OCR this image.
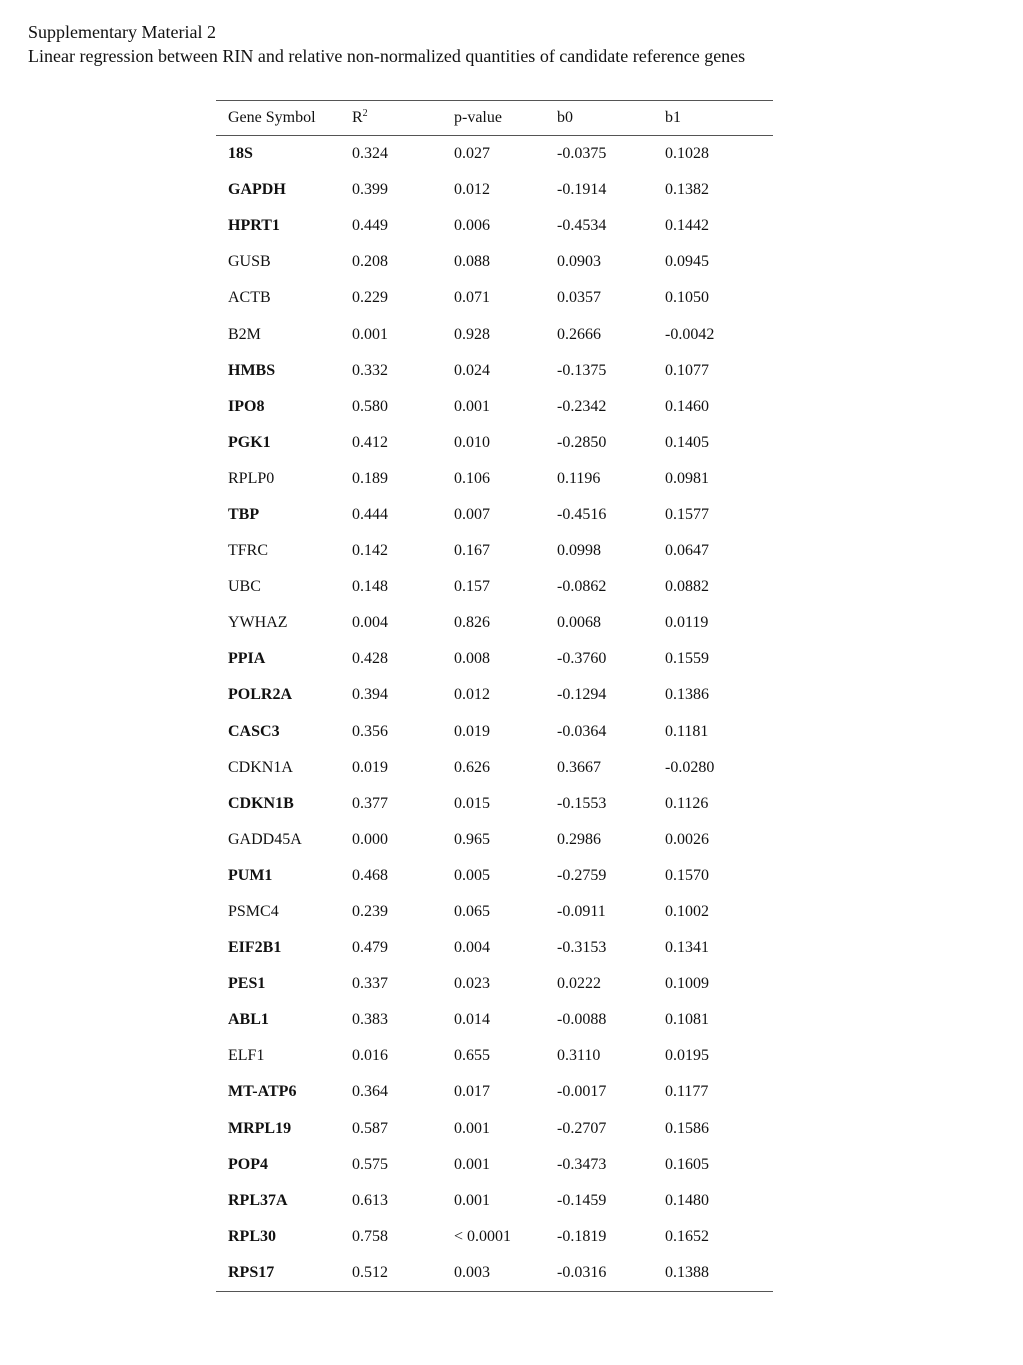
Supplementary Material 2
Linear regression between RIN and relative non-normalized quantities of candidate reference genes
Gene Symbol	$R^2$	p-value	b0	b1
18S	0.324	0.027	-0.0375	0.1028
GAPDH	0.399	0.012	-0.1914	0.1382
HPRT1	0.449	0.006	-0.4534	0.1442
GUSB	0.208	0.088	0.0903	0.0945
ACTB	0.229	0.071	0.0357	0.1050
B2M	0.001	0.928	0.2666	-0.0042
HMBS	0.332	0.024	-0.1375	0.1077
IPO8	0.580	0.001	-0.2342	0.1460
PGK1	0.412	0.010	-0.2850	0.1405
RPLP0	0.189	0.106	0.1196	0.0981
TBP	0.444	0.007	-0.4516	0.1577
TFRC	0.142	0.167	0.0998	0.0647
UBC	0.148	0.157	-0.0862	0.0882
YWHAZ	0.004	0.826	0.0068	0.0119
PPIA	0.428	0.008	-0.3760	0.1559
POLR2A	0.394	0.012	-0.1294	0.1386
CASC3	0.356	0.019	-0.0364	0.1181
CDKN1A	0.019	0.626	0.3667	-0.0280
CDKN1B	0.377	0.015	-0.1553	0.1126
GADD45A	0.000	0.965	0.2986	0.0026
PUM1	0.468	0.005	-0.2759	0.1570
PSMC4	0.239	0.065	-0.0911	0.1002
EIF2B1	0.479	0.004	-0.3153	0.1341
PES1	0.337	0.023	0.0222	0.1009
ABL1	0.383	0.014	-0.0088	0.1081
ELF1	0.016	0.655	0.3110	0.0195
MT-ATP6	0.364	0.017	-0.0017	0.1177
MRPL19	0.587	0.001	-0.2707	0.1586
POP4	0.575	0.001	-0.3473	0.1605
RPL37A	0.613	0.001	-0.1459	0.1480
RPL30	0.758	< 0.0001	-0.1819	0.1652
RPS17	0.512	0.003	-0.0316	0.1388
